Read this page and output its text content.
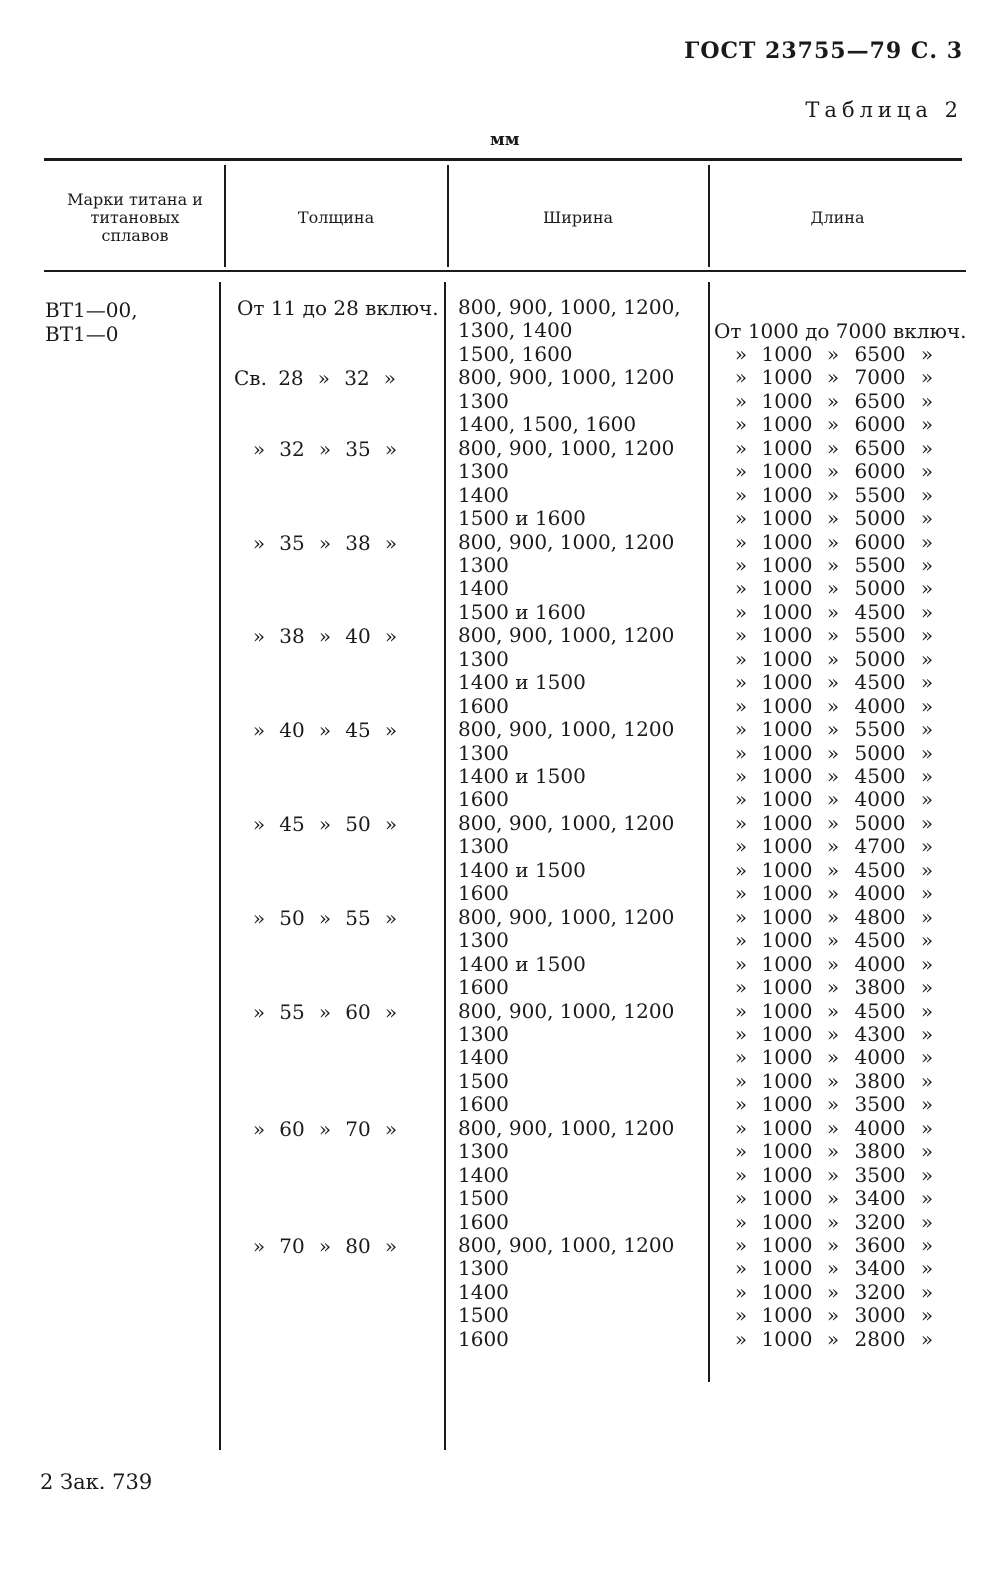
ГОСТ 23755—79 С. 3
Таблица 2
мм
Марки титана и титановых сплавов
Толщина	Ширина	Длина
ВТ1—00,
ВТ1—0
От 11 до 28 включ.
Св. 28 » 32 »
» 32 » 35 »
» 35 » 38 »
» 38 » 40 »
» 40 » 45 »
» 45 » 50 »
» 50 » 55 »
» 55 » 60 »
» 60 » 70 »
» 70 » 80 »
800, 900, 1000, 1200,
1300, 1400
1500, 1600
800, 900, 1000, 1200
1300
1400, 1500, 1600
800, 900, 1000, 1200
1300
1400
1500 и 1600
800, 900, 1000, 1200
1300
1400
1500 и 1600
800, 900, 1000, 1200
1300
1400 и 1500
1600
800, 900, 1000, 1200
1300
1400 и 1500
1600
800, 900, 1000, 1200
1300
1400 и 1500
1600
800, 900, 1000, 1200
1300
1400 и 1500
1600
800, 900, 1000, 1200
1300
1400
1500
1600
800, 900, 1000, 1200
1300
1400
1500
1600
800, 900, 1000, 1200
1300
1400
1500
1600
От 1000 до 7000 включ.
» 1000 » 6500 »
» 1000 » 7000 »
» 1000 » 6500 »
» 1000 » 6000 »
» 1000 » 6500 »
» 1000 » 6000 »
» 1000 » 5500 »
» 1000 » 5000 »
» 1000 » 6000 »
» 1000 » 5500 »
» 1000 » 5000 »
» 1000 » 4500 »
» 1000 » 5500 »
» 1000 » 5000 »
» 1000 » 4500 »
» 1000 » 4000 »
» 1000 » 5500 »
» 1000 » 5000 »
» 1000 » 4500 »
» 1000 » 4000 »
» 1000 » 5000 »
» 1000 » 4700 »
» 1000 » 4500 »
» 1000 » 4000 »
» 1000 » 4800 »
» 1000 » 4500 »
» 1000 » 4000 »
» 1000 » 3800 »
» 1000 » 4500 »
» 1000 » 4300 »
» 1000 » 4000 »
» 1000 » 3800 »
» 1000 » 3500 »
» 1000 » 4000 »
» 1000 » 3800 »
» 1000 » 3500 »
» 1000 » 3400 »
» 1000 » 3200 »
» 1000 » 3600 »
» 1000 » 3400 »
» 1000 » 3200 »
» 1000 » 3000 »
» 1000 » 2800 »
2 Зак. 739
